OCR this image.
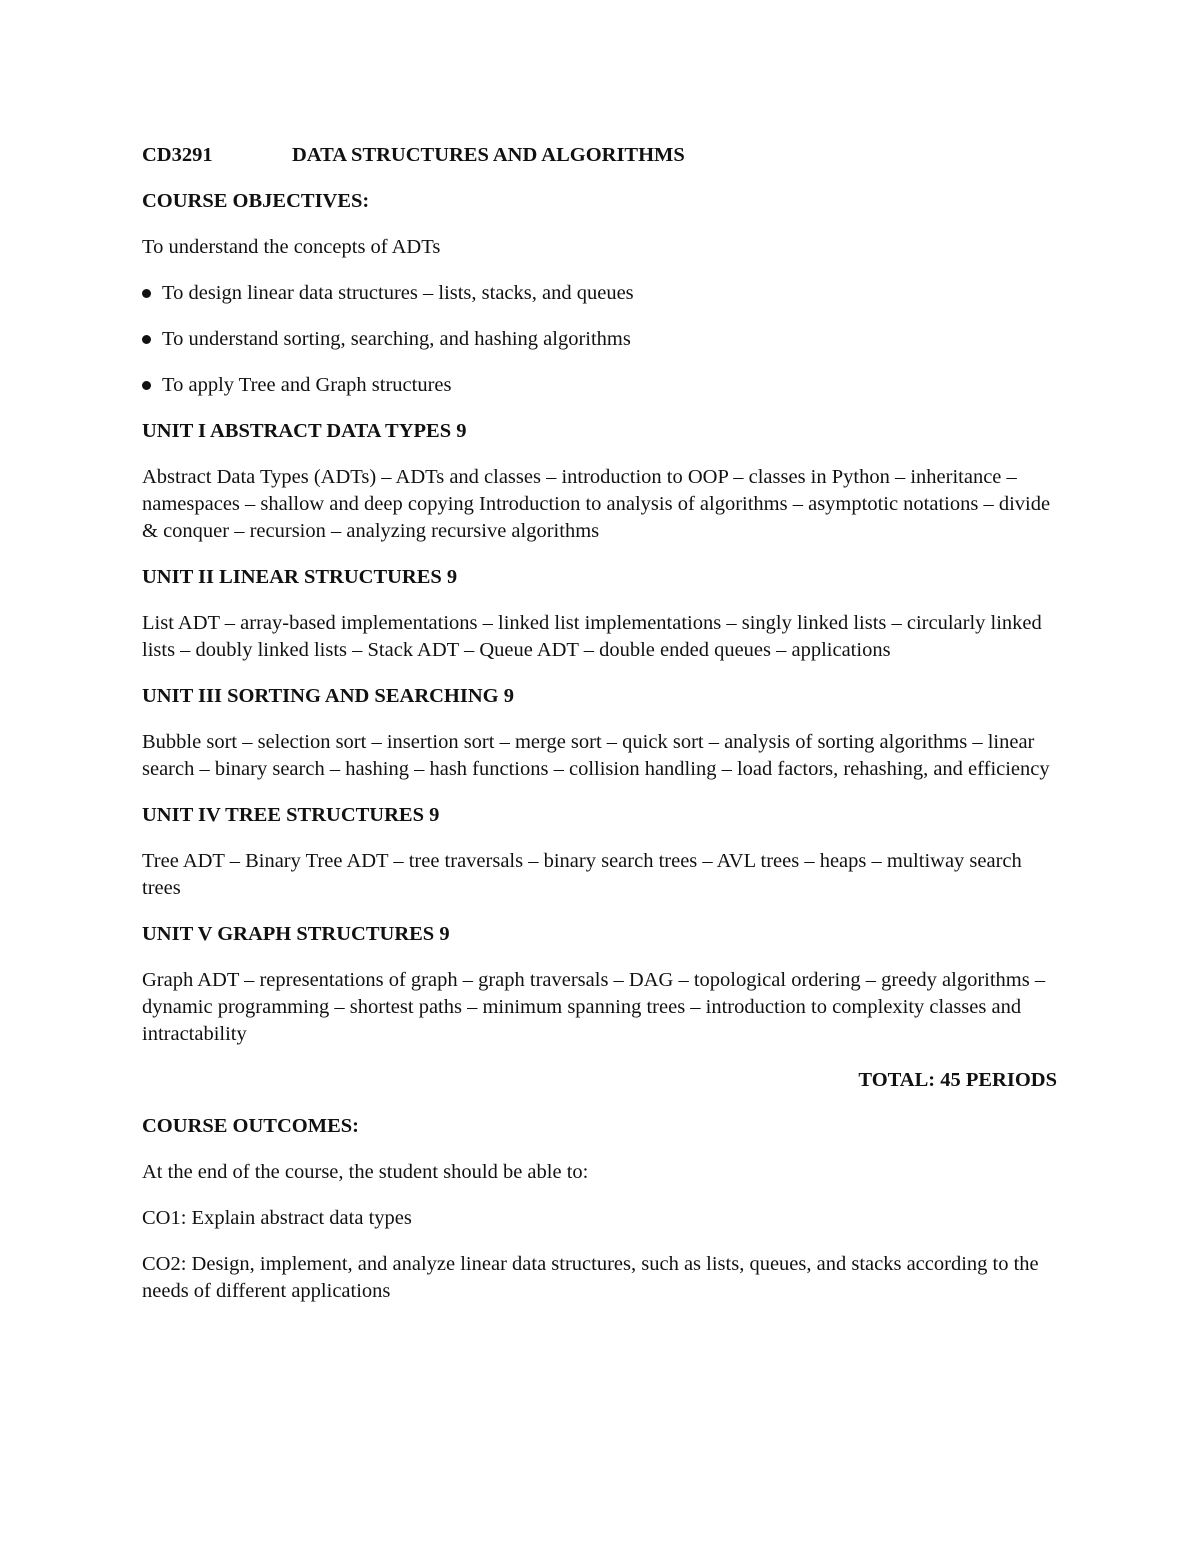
CD3291	DATA STRUCTURES AND ALGORITHMS
COURSE OBJECTIVES:
To understand the concepts of ADTs
To design linear data structures – lists, stacks, and queues
To understand sorting, searching, and hashing algorithms
To apply Tree and Graph structures
UNIT I ABSTRACT DATA TYPES 9
Abstract Data Types (ADTs) – ADTs and classes – introduction to OOP – classes in Python – inheritance – namespaces – shallow and deep copying Introduction to analysis of algorithms – asymptotic notations – divide & conquer – recursion – analyzing recursive algorithms
UNIT II LINEAR STRUCTURES 9
List ADT – array-based implementations – linked list implementations – singly linked lists – circularly linked lists – doubly linked lists – Stack ADT – Queue ADT – double ended queues – applications
UNIT III SORTING AND SEARCHING 9
Bubble sort – selection sort – insertion sort – merge sort – quick sort – analysis of sorting algorithms – linear search – binary search – hashing – hash functions – collision handling – load factors, rehashing, and efficiency
UNIT IV TREE STRUCTURES 9
Tree ADT – Binary Tree ADT – tree traversals – binary search trees – AVL trees – heaps – multiway search trees
UNIT V GRAPH STRUCTURES 9
Graph ADT – representations of graph – graph traversals – DAG – topological ordering – greedy algorithms – dynamic programming – shortest paths – minimum spanning trees – introduction to complexity classes and intractability
TOTAL: 45 PERIODS
COURSE OUTCOMES:
At the end of the course, the student should be able to:
CO1: Explain abstract data types
CO2: Design, implement, and analyze linear data structures, such as lists, queues, and stacks according to the needs of different applications
